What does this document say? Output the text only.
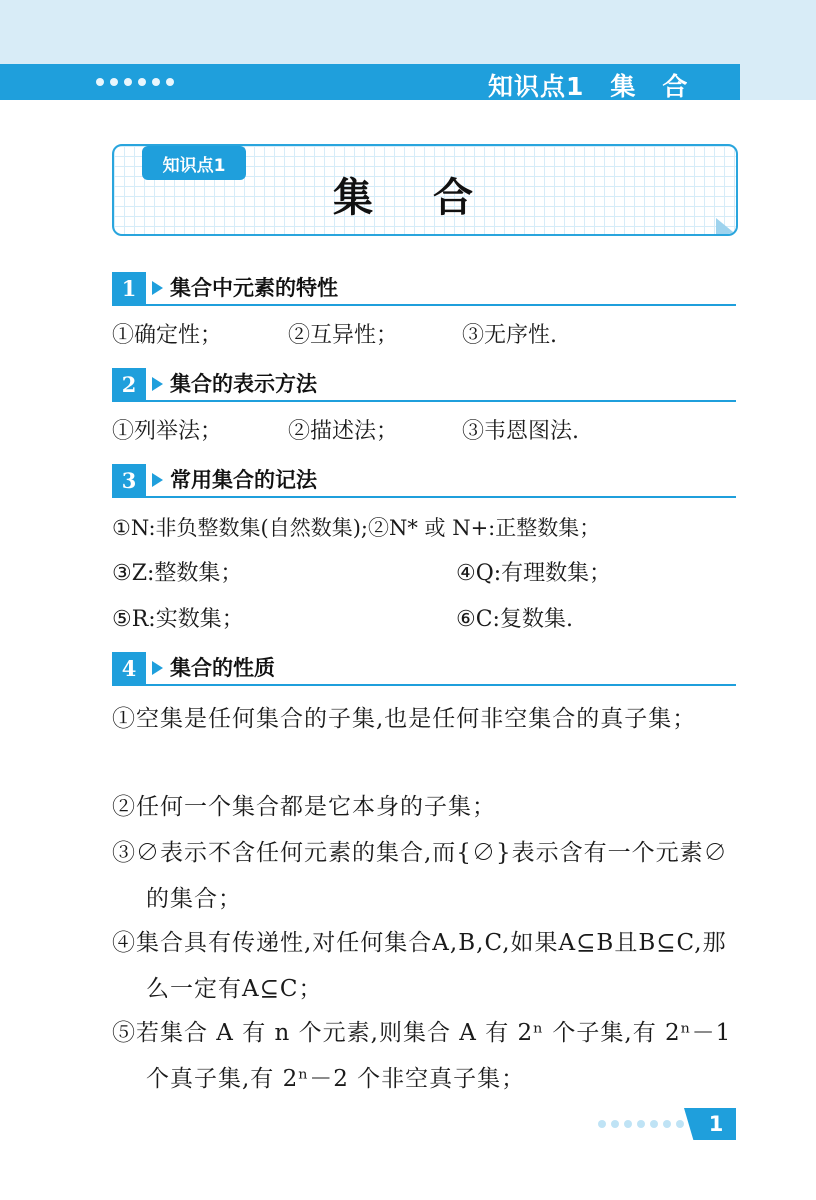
知识点1　集　合
知识点1
集　合
1	集合中元素的特性
①确定性；	②互异性；	③无序性.
2	集合的表示方法
①列举法；	②描述法；	③韦恩图法.
3	常用集合的记法
①N:非负整数集(自然数集);②N* 或 N+:正整数集；
③Z:整数集；	④Q:有理数集；
⑤R:实数集；	⑥C:复数集.
4	集合的性质
①空集是任何集合的子集,也是任何非空集合的真子集；
②任何一个集合都是它本身的子集；
③∅表示不含任何元素的集合,而{∅}表示含有一个元素∅的集合；
④集合具有传递性,对任何集合A,B,C,如果A⊆B且B⊆C,那么一定有A⊆C；
⑤若集合 A 有 n 个元素,则集合 A 有 2ⁿ 个子集,有 2ⁿ－1个真子集,有 2ⁿ－2 个非空真子集；
1
